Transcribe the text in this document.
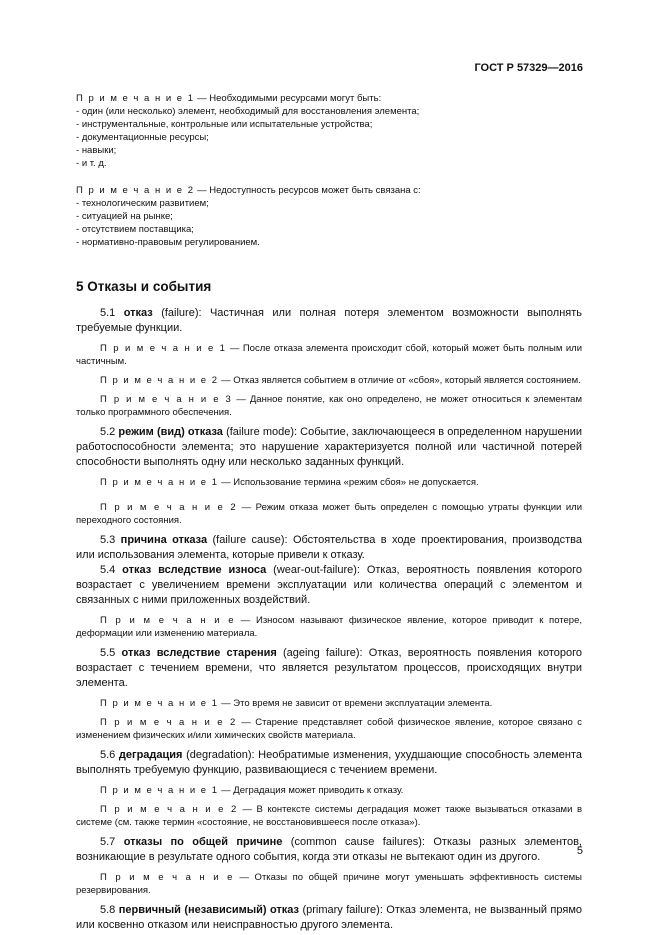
ГОСТ Р 57329—2016

П р и м е ч а н и е 1 — Необходимыми ресурсами могут быть:

- один (или несколько) элемент, необходимый для восстановления элемента;
- инструментальные, контрольные или испытательные устройства;
- документационные ресурсы;
- навыки;
- и т. д.

П р и м е ч а н и е 2 — Недоступность ресурсов может быть связана с:

- технологическим развитием;
- ситуацией на рынке;
- отсутствием поставщика;
- нормативно-правовым регулированием.
5 Отказы и события

5.1 отказ (failure): Частичная или полная потеря элементом возможности выполнять требуемые функции.

П р и м е ч а н и е 1 — После отказа элемента происходит сбой, который может быть полным или частичным.

П р и м е ч а н и е 2 — Отказ является событием в отличие от «сбоя», который является состоянием.

П р и м е ч а н и е 3 — Данное понятие, как оно определено, не может относиться к элементам только программного обеспечения.

5.2 режим (вид) отказа (failure mode): Событие, заключающееся в определенном нарушении работоспособности элемента; это нарушение характеризуется полной или частичной потерей способности выполнять одну или несколько заданных функций.

П р и м е ч а н и е 1 — Использование термина «режим сбоя» не допускается.

П р и м е ч а н и е 2 — Режим отказа может быть определен с помощью утраты функции или переходного состояния.

5.3 причина отказа (failure cause): Обстоятельства в ходе проектирования, производства или использования элемента, которые привели к отказу.

5.4 отказ вследствие износа (wear-out-failure): Отказ, вероятность появления которого возрастает с увеличением времени эксплуатации или количества операций с элементом и связанных с ними приложенных воздействий.

П р и м е ч а н и е — Износом называют физическое явление, которое приводит к потере, деформации или изменению материала.

5.5 отказ вследствие старения (ageing failure): Отказ, вероятность появления которого возрастает с течением времени, что является результатом процессов, происходящих внутри элемента.

П р и м е ч а н и е 1 — Это время не зависит от времени эксплуатации элемента.

П р и м е ч а н и е 2 — Старение представляет собой физическое явление, которое связано с изменением физических и/или химических свойств материала.

5.6 деградация (degradation): Необратимые изменения, ухудшающие способность элемента выполнять требуемую функцию, развивающиеся с течением времени.

П р и м е ч а н и е 1 — Деградация может приводить к отказу.

П р и м е ч а н и е 2 — В контексте системы деградация может также вызываться отказами в системе (см. также термин «состояние, не восстановившееся после отказа»).

5.7 отказы по общей причине (common cause failures): Отказы разных элементов, возникающие в результате одного события, когда эти отказы не вытекают один из другого.

П р и м е ч а н и е — Отказы по общей причине могут уменьшать эффективность системы резервирования.

5.8 первичный (независимый) отказ (primary failure): Отказ элемента, не вызванный прямо или косвенно отказом или неисправностью другого элемента.

5
